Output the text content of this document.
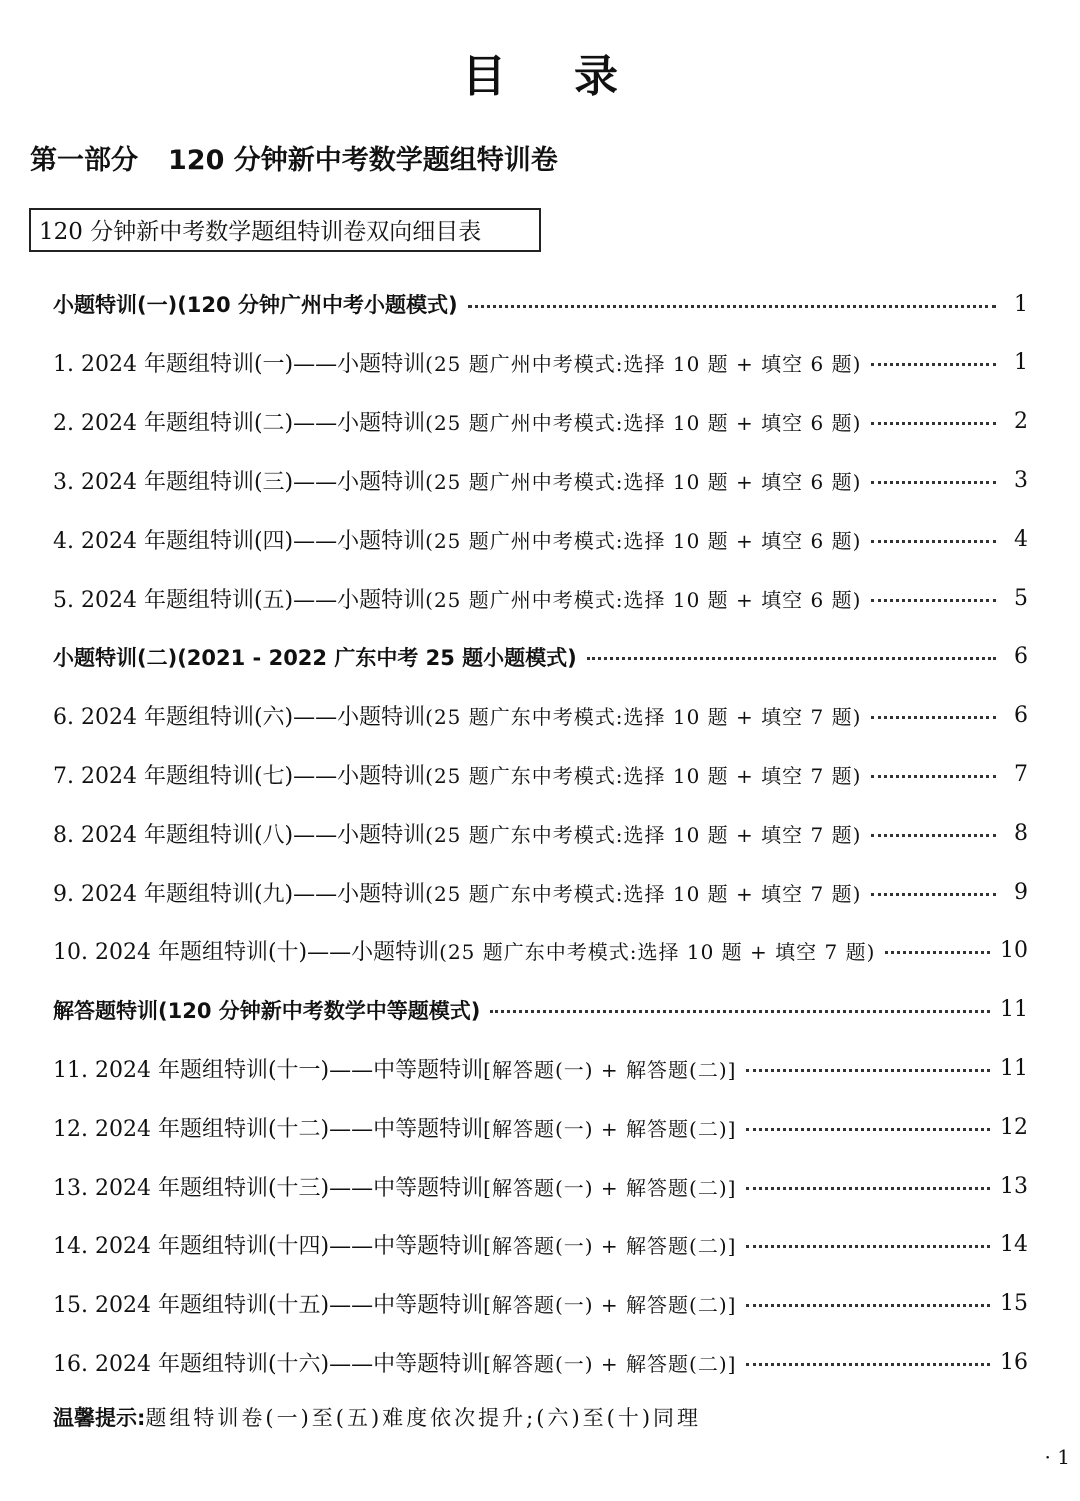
目 录
第一部分 120 分钟新中考数学题组特训卷
120 分钟新中考数学题组特训卷双向细目表
小题特训(一)(120 分钟广州中考小题模式)	1
1. 2024 年题组特训(一)——小题特训(25 题广州中考模式:选择 10 题 + 填空 6 题)	1
2. 2024 年题组特训(二)——小题特训(25 题广州中考模式:选择 10 题 + 填空 6 题)	2
3. 2024 年题组特训(三)——小题特训(25 题广州中考模式:选择 10 题 + 填空 6 题)	3
4. 2024 年题组特训(四)——小题特训(25 题广州中考模式:选择 10 题 + 填空 6 题)	4
5. 2024 年题组特训(五)——小题特训(25 题广州中考模式:选择 10 题 + 填空 6 题)	5
小题特训(二)(2021 - 2022 广东中考 25 题小题模式)	6
6. 2024 年题组特训(六)——小题特训(25 题广东中考模式:选择 10 题 + 填空 7 题)	6
7. 2024 年题组特训(七)——小题特训(25 题广东中考模式:选择 10 题 + 填空 7 题)	7
8. 2024 年题组特训(八)——小题特训(25 题广东中考模式:选择 10 题 + 填空 7 题)	8
9. 2024 年题组特训(九)——小题特训(25 题广东中考模式:选择 10 题 + 填空 7 题)	9
10. 2024 年题组特训(十)——小题特训(25 题广东中考模式:选择 10 题 + 填空 7 题)	10
解答题特训(120 分钟新中考数学中等题模式)	11
11. 2024 年题组特训(十一)——中等题特训[解答题(一) + 解答题(二)]	11
12. 2024 年题组特训(十二)——中等题特训[解答题(一) + 解答题(二)]	12
13. 2024 年题组特训(十三)——中等题特训[解答题(一) + 解答题(二)]	13
14. 2024 年题组特训(十四)——中等题特训[解答题(一) + 解答题(二)]	14
15. 2024 年题组特训(十五)——中等题特训[解答题(一) + 解答题(二)]	15
16. 2024 年题组特训(十六)——中等题特训[解答题(一) + 解答题(二)]	16
温馨提示:题组特训卷(一)至(五)难度依次提升;(六)至(十)同理
· 1
